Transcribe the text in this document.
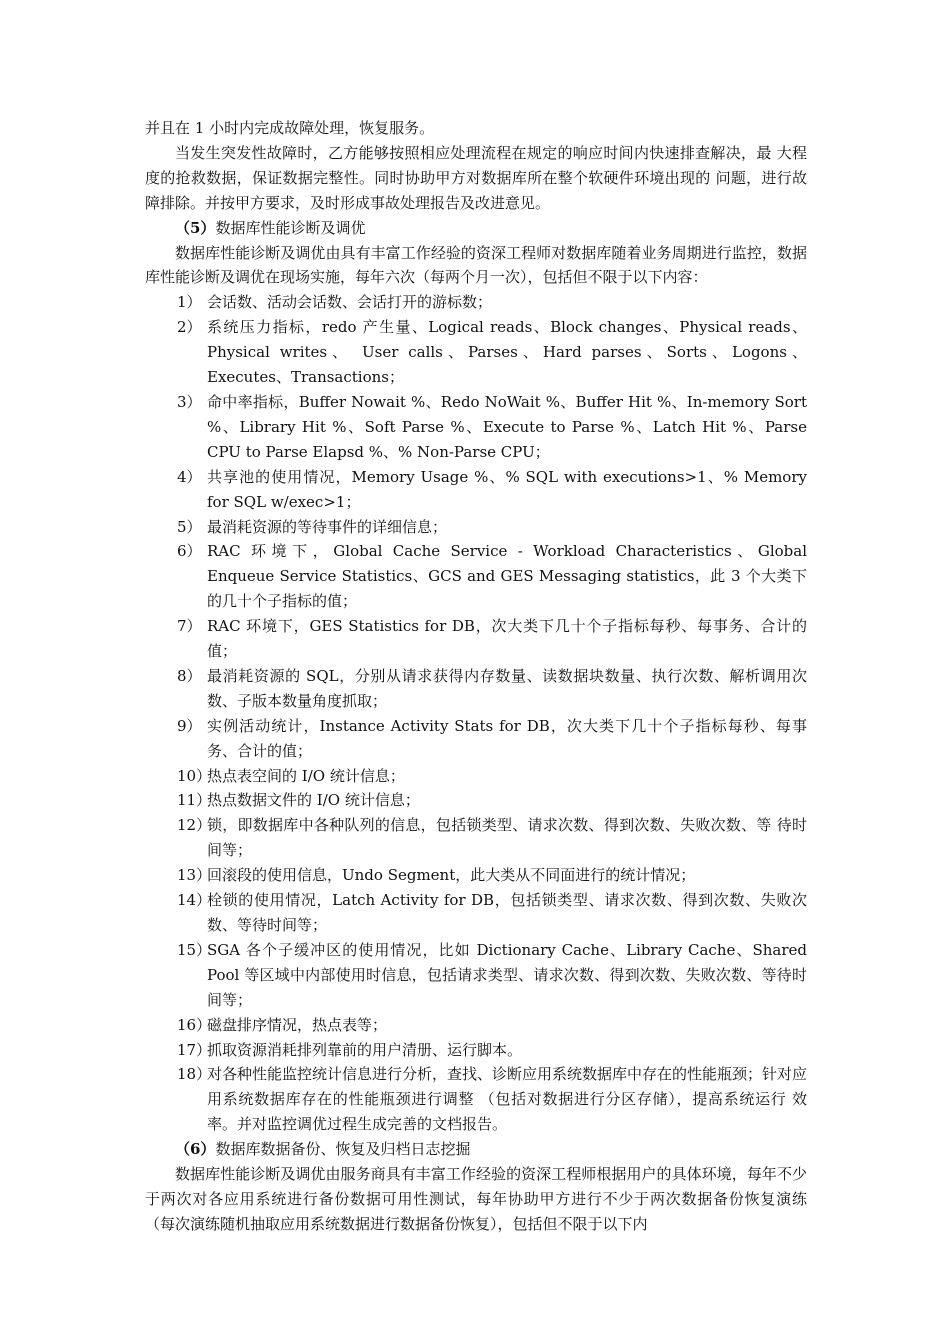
并且在 1 小时内完成故障处理，恢复服务。

当发生突发性故障时，乙方能够按照相应处理流程在规定的响应时间内快速排查解决，最 大程度的抢救数据，保证数据完整性。同时协助甲方对数据库所在整个软硬件环境出现的 问题，进行故障排除。并按甲方要求，及时形成事故处理报告及改进意见。

（5）数据库性能诊断及调优

数据库性能诊断及调优由具有丰富工作经验的资深工程师对数据库随着业务周期进行监控，数据库性能诊断及调优在现场实施，每年六次（每两个月一次），包括但不限于以下内容：

1） 会话数、活动会话数、会话打开的游标数；
2） 系统压力指标，redo 产生量、Logical reads、Block changes、Physical reads、Physical writes、 User calls、Parses、Hard parses、Sorts、Logons、Executes、Transactions；
3） 命中率指标，Buffer Nowait %、Redo NoWait %、Buffer Hit %、In-memory Sort %、Library Hit %、Soft Parse %、Execute to Parse %、Latch Hit %、Parse CPU to Parse Elapsd %、% Non-Parse CPU；
4） 共享池的使用情况，Memory Usage %、% SQL with executions>1、% Memory for SQL w/exec>1；
5） 最消耗资源的等待事件的详细信息；
6） RAC 环境下，Global Cache Service - Workload Characteristics、Global Enqueue Service Statistics、GCS and GES Messaging statistics，此 3 个大类下的几十个子指标的值；
7） RAC 环境下，GES Statistics for DB，次大类下几十个子指标每秒、每事务、合计的值；
8） 最消耗资源的 SQL，分别从请求获得内存数量、读数据块数量、执行次数、解析调用次数、子版本数量角度抓取；
9） 实例活动统计，Instance Activity Stats for DB，次大类下几十个子指标每秒、每事务、合计的值；
10）
热点表空间的 I/O 统计信息；
11）
热点数据文件的 I/O 统计信息；
12）
锁，即数据库中各种队列的信息，包括锁类型、请求次数、得到次数、失败次数、等 待时间等；
13）
回滚段的使用信息，Undo Segment，此大类从不同面进行的统计情况；
14）
栓锁的使用情况，Latch Activity for DB，包括锁类型、请求次数、得到次数、失败次 数、等待时间等；
15）
SGA 各个子缓冲区的使用情况，比如 Dictionary Cache、Library Cache、Shared Pool 等区域中内部使用时信息，包括请求类型、请求次数、得到次数、失败次数、等待时间等；
16）
磁盘排序情况，热点表等；
17）
抓取资源消耗排列靠前的用户清册、运行脚本。
18）
对各种性能监控统计信息进行分析，查找、诊断应用系统数据库中存在的性能瓶颈；针对应用系统数据库存在的性能瓶颈进行调整 （包括对数据进行分区存储），提高系统运行 效率。并对监控调优过程生成完善的文档报告。

（6）数据库数据备份、恢复及归档日志挖掘

数据库性能诊断及调优由服务商具有丰富工作经验的资深工程师根据用户的具体环境，每年不少于两次对各应用系统进行备份数据可用性测试，每年协助甲方进行不少于两次数据备份恢复演练 （每次演练随机抽取应用系统数据进行数据备份恢复），包括但不限于以下内
